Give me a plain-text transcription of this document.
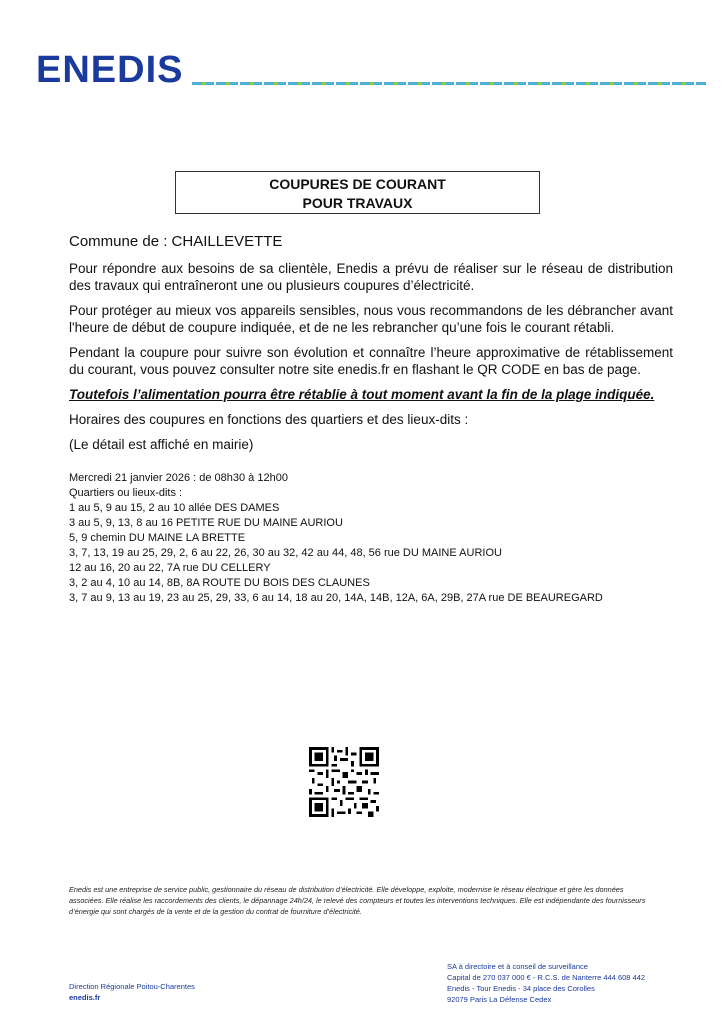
ENEDIS
COUPURES DE COURANT
POUR TRAVAUX
Commune de : CHAILLEVETTE

Pour répondre aux besoins de sa clientèle, Enedis a prévu de réaliser sur le réseau de distribution des travaux qui entraîneront une ou plusieurs coupures d’électricité.

Pour protéger au mieux vos appareils sensibles, nous vous recommandons de les débrancher avant l'heure de début de coupure indiquée, et de ne les rebrancher qu’une fois le courant rétabli.

Pendant la coupure pour suivre son évolution et connaître l’heure approximative de rétablissement du courant, vous pouvez consulter notre site enedis.fr en flashant le QR CODE en bas de page.

Toutefois l’alimentation pourra être rétablie à tout moment avant la fin de la plage indiquée.

Horaires des coupures en fonctions des quartiers et des lieux-dits :

(Le détail est affiché en mairie)

Mercredi 21 janvier 2026 : de 08h30 à 12h00
Quartiers ou lieux-dits :
1 au 5, 9 au 15, 2 au 10 allée DES DAMES
3 au 5, 9, 13, 8 au 16 PETITE RUE DU MAINE AURIOU
5, 9 chemin DU MAINE LA BRETTE
3, 7, 13, 19 au 25, 29, 2, 6 au 22, 26, 30 au 32, 42 au 44, 48, 56 rue DU MAINE AURIOU
12 au 16, 20 au 22, 7A rue DU CELLERY
3, 2 au 4, 10 au 14, 8B, 8A ROUTE DU BOIS DES CLAUNES
3, 7 au 9, 13 au 19, 23 au 25, 29, 33, 6 au 14, 18 au 20, 14A, 14B, 12A, 6A, 29B, 27A rue DE BEAUREGARD
Enedis est une entreprise de service public, gestionnaire du réseau de distribution d’électricité. Elle développe, exploite, modernise le réseau électrique et gère les données associées. Elle réalise les raccordements des clients, le dépannage 24h/24, le relevé des compteurs et toutes les interventions techniques. Elle est indépendante des fournisseurs d’énergie qui sont chargés de la vente et de la gestion du contrat de fourniture d’électricité.
Direction Régionale Poitou-Charentes
enedis.fr
SA à directoire et à conseil de surveillance
Capital de 270 037 000 € - R.C.S. de Nanterre 444 608 442
Enedis - Tour Enedis - 34 place des Corolles
92079 Paris La Défense Cedex
